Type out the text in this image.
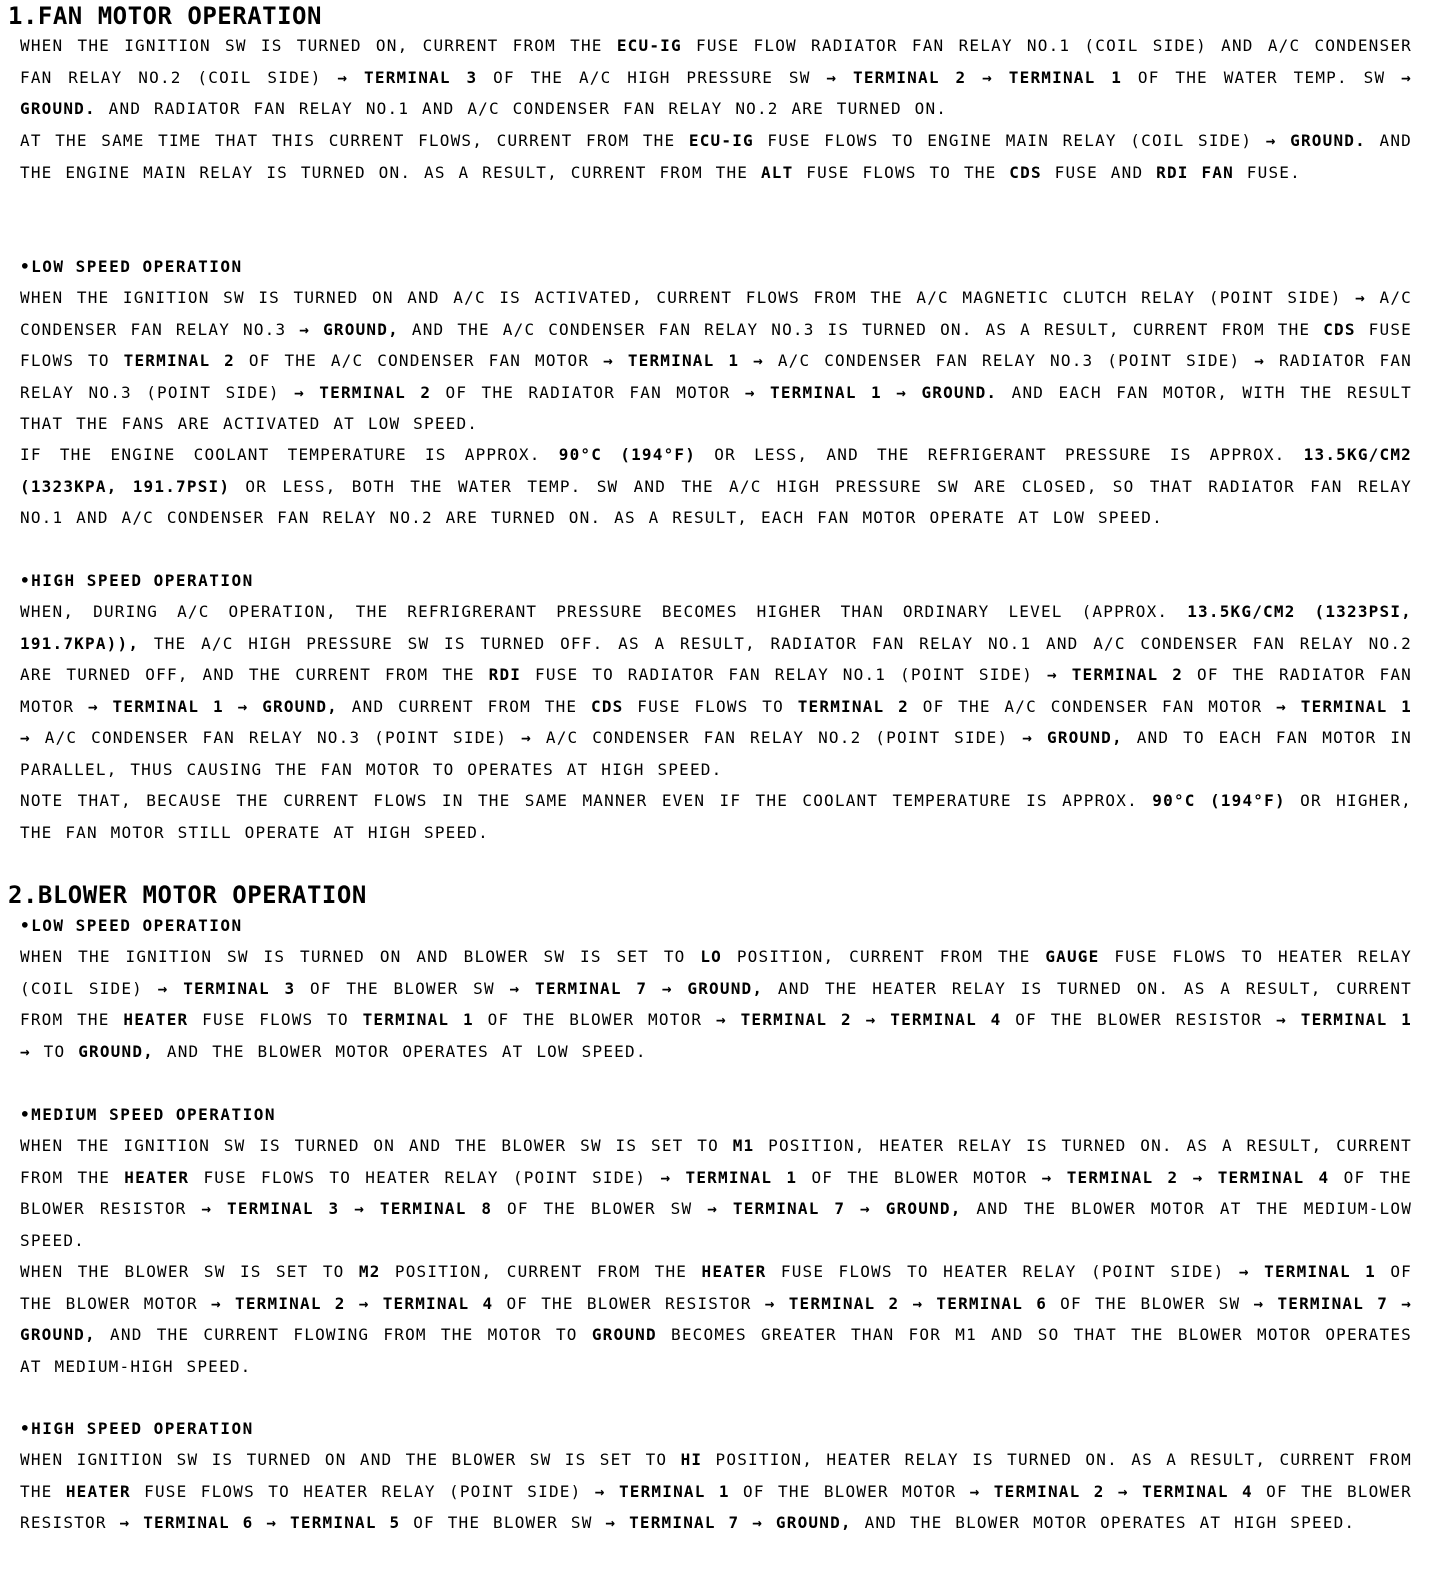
1.FAN MOTOR OPERATION

WHEN THE IGNITION SW IS TURNED ON, CURRENT FROM THE ECU-IG FUSE FLOW RADIATOR FAN RELAY NO.1 (COIL SIDE) AND A/C CONDENSER FAN RELAY NO.2 (COIL SIDE) → TERMINAL 3 OF THE A/C HIGH PRESSURE SW → TERMINAL 2 → TERMINAL 1 OF THE WATER TEMP. SW → GROUND. AND RADIATOR FAN RELAY NO.1 AND A/C CONDENSER FAN RELAY NO.2 ARE TURNED ON.

AT THE SAME TIME THAT THIS CURRENT FLOWS, CURRENT FROM THE ECU-IG FUSE FLOWS TO ENGINE MAIN RELAY (COIL SIDE) → GROUND. AND THE ENGINE MAIN RELAY IS TURNED ON. AS A RESULT, CURRENT FROM THE ALT FUSE FLOWS TO THE CDS FUSE AND RDI FAN FUSE.

•LOW SPEED OPERATION

WHEN THE IGNITION SW IS TURNED ON AND A/C IS ACTIVATED, CURRENT FLOWS FROM THE A/C MAGNETIC CLUTCH RELAY (POINT SIDE) → A/C CONDENSER FAN RELAY NO.3 → GROUND, AND THE A/C CONDENSER FAN RELAY NO.3 IS TURNED ON. AS A RESULT, CURRENT FROM THE CDS FUSE FLOWS TO TERMINAL 2 OF THE A/C CONDENSER FAN MOTOR → TERMINAL 1 → A/C CONDENSER FAN RELAY NO.3 (POINT SIDE) → RADIATOR FAN RELAY NO.3 (POINT SIDE) → TERMINAL 2 OF THE RADIATOR FAN MOTOR → TERMINAL 1 → GROUND. AND EACH FAN MOTOR, WITH THE RESULT THAT THE FANS ARE ACTIVATED AT LOW SPEED.

IF THE ENGINE COOLANT TEMPERATURE IS APPROX. 90°C (194°F) OR LESS, AND THE REFRIGERANT PRESSURE IS APPROX. 13.5KG/CM2 (1323KPA, 191.7PSI) OR LESS, BOTH THE WATER TEMP. SW AND THE A/C HIGH PRESSURE SW ARE CLOSED, SO THAT RADIATOR FAN RELAY NO.1 AND A/C CONDENSER FAN RELAY NO.2 ARE TURNED ON. AS A RESULT, EACH FAN MOTOR OPERATE AT LOW SPEED.

•HIGH SPEED OPERATION

WHEN, DURING A/C OPERATION, THE REFRIGRERANT PRESSURE BECOMES HIGHER THAN ORDINARY LEVEL (APPROX. 13.5KG/CM2 (1323PSI, 191.7KPA)), THE A/C HIGH PRESSURE SW IS TURNED OFF. AS A RESULT, RADIATOR FAN RELAY NO.1 AND A/C CONDENSER FAN RELAY NO.2 ARE TURNED OFF, AND THE CURRENT FROM THE RDI FUSE TO RADIATOR FAN RELAY NO.1 (POINT SIDE) → TERMINAL 2 OF THE RADIATOR FAN MOTOR → TERMINAL 1 → GROUND, AND CURRENT FROM THE CDS FUSE FLOWS TO TERMINAL 2 OF THE A/C CONDENSER FAN MOTOR → TERMINAL 1 → A/C CONDENSER FAN RELAY NO.3 (POINT SIDE) → A/C CONDENSER FAN RELAY NO.2 (POINT SIDE) → GROUND, AND TO EACH FAN MOTOR IN PARALLEL, THUS CAUSING THE FAN MOTOR TO OPERATES AT HIGH SPEED.

NOTE THAT, BECAUSE THE CURRENT FLOWS IN THE SAME MANNER EVEN IF THE COOLANT TEMPERATURE IS APPROX. 90°C (194°F) OR HIGHER, THE FAN MOTOR STILL OPERATE AT HIGH SPEED.

2.BLOWER MOTOR OPERATION
•LOW SPEED OPERATION

WHEN THE IGNITION SW IS TURNED ON AND BLOWER SW IS SET TO LO POSITION, CURRENT FROM THE GAUGE FUSE FLOWS TO HEATER RELAY (COIL SIDE) → TERMINAL 3 OF THE BLOWER SW → TERMINAL 7 → GROUND, AND THE HEATER RELAY IS TURNED ON. AS A RESULT, CURRENT FROM THE HEATER FUSE FLOWS TO TERMINAL 1 OF THE BLOWER MOTOR → TERMINAL 2 → TERMINAL 4 OF THE BLOWER RESISTOR → TERMINAL 1 → TO GROUND, AND THE BLOWER MOTOR OPERATES AT LOW SPEED.

•MEDIUM SPEED OPERATION

WHEN THE IGNITION SW IS TURNED ON AND THE BLOWER SW IS SET TO M1 POSITION, HEATER RELAY IS TURNED ON. AS A RESULT, CURRENT FROM THE HEATER FUSE FLOWS TO HEATER RELAY (POINT SIDE) → TERMINAL 1 OF THE BLOWER MOTOR → TERMINAL 2 → TERMINAL 4 OF THE BLOWER RESISTOR → TERMINAL 3 → TERMINAL 8 OF THE BLOWER SW → TERMINAL 7 → GROUND, AND THE BLOWER MOTOR AT THE MEDIUM-LOW SPEED.

WHEN THE BLOWER SW IS SET TO M2 POSITION, CURRENT FROM THE HEATER FUSE FLOWS TO HEATER RELAY (POINT SIDE) → TERMINAL 1 OF THE BLOWER MOTOR → TERMINAL 2 → TERMINAL 4 OF THE BLOWER RESISTOR → TERMINAL 2 → TERMINAL 6 OF THE BLOWER SW → TERMINAL 7 → GROUND, AND THE CURRENT FLOWING FROM THE MOTOR TO GROUND BECOMES GREATER THAN FOR M1 AND SO THAT THE BLOWER MOTOR OPERATES AT MEDIUM-HIGH SPEED.

•HIGH SPEED OPERATION

WHEN IGNITION SW IS TURNED ON AND THE BLOWER SW IS SET TO HI POSITION, HEATER RELAY IS TURNED ON. AS A RESULT, CURRENT FROM THE HEATER FUSE FLOWS TO HEATER RELAY (POINT SIDE) → TERMINAL 1 OF THE BLOWER MOTOR → TERMINAL 2 → TERMINAL 4 OF THE BLOWER RESISTOR → TERMINAL 6 → TERMINAL 5 OF THE BLOWER SW → TERMINAL 7 → GROUND, AND THE BLOWER MOTOR OPERATES AT HIGH SPEED.
